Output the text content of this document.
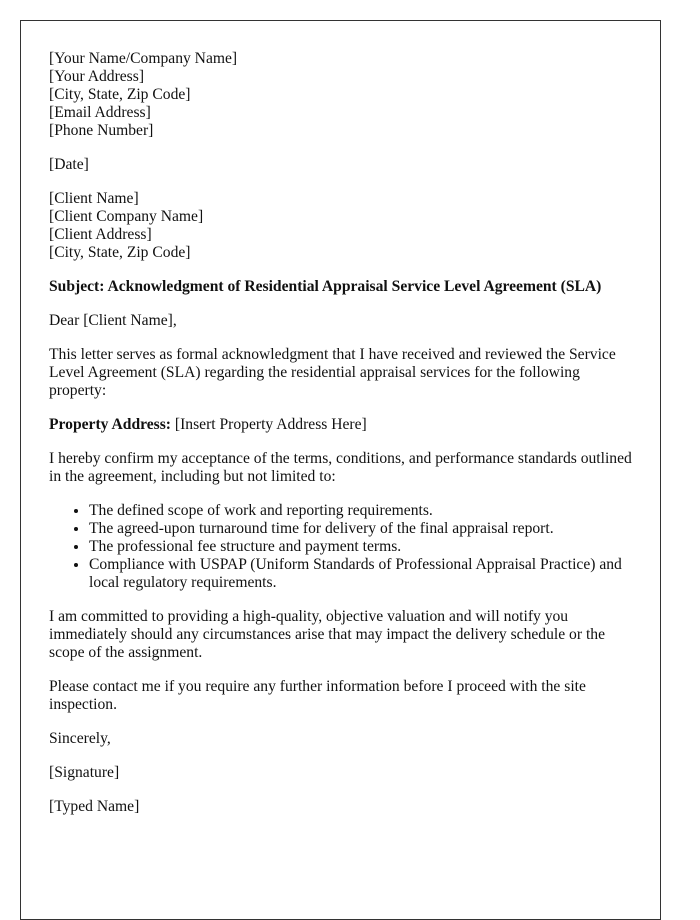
[Your Name/Company Name]
[Your Address]
[City, State, Zip Code]
[Email Address]
[Phone Number]

[Date]

[Client Name]
[Client Company Name]
[Client Address]
[City, State, Zip Code]

Subject: Acknowledgment of Residential Appraisal Service Level Agreement (SLA)

Dear [Client Name],

This letter serves as formal acknowledgment that I have received and reviewed the Service Level Agreement (SLA) regarding the residential appraisal services for the following property:

Property Address: [Insert Property Address Here]

I hereby confirm my acceptance of the terms, conditions, and performance standards outlined in the agreement, including but not limited to:

• The defined scope of work and reporting requirements.
• The agreed-upon turnaround time for delivery of the final appraisal report.
• The professional fee structure and payment terms.
• Compliance with USPAP (Uniform Standards of Professional Appraisal Practice) and local regulatory requirements.

I am committed to providing a high-quality, objective valuation and will notify you immediately should any circumstances arise that may impact the delivery schedule or the scope of the assignment.

Please contact me if you require any further information before I proceed with the site inspection.

Sincerely,

[Signature]

[Typed Name]
